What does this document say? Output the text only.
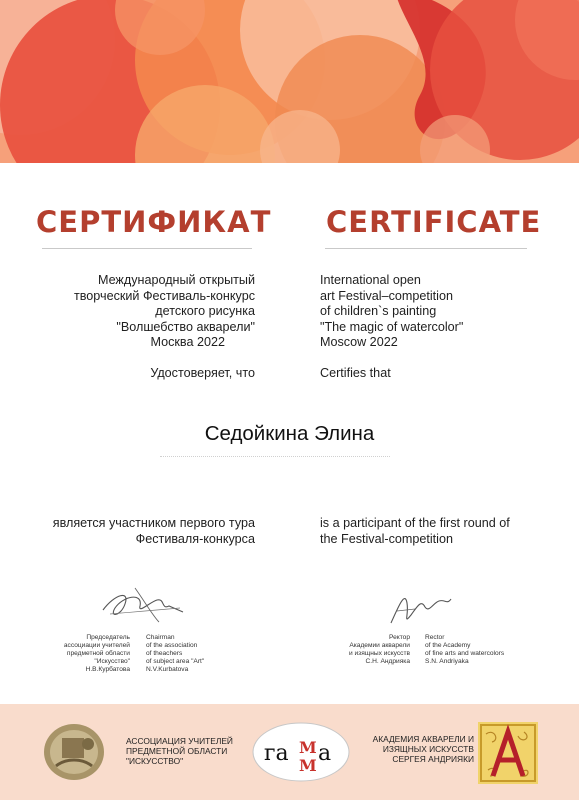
СЕРТИФИКАТ CERTIFICATE
Международный открытый
творческий Фестиваль-конкурс
детского рисунка
"Волшебство акварели"
Москва 2022
International open
art Festival–competition
of children`s painting
"The magic of watercolor"
Moscow 2022
Удостоверяет, что	Certifies that
Седойкина Элина
является участником первого тура
Фестиваля-конкурса
is a participant of the first round of
the Festival-competition
Председатель
ассоциации учителей
предметной области
"Искусство"
Н.В.Курбатова
Chairman
of the association
of theachers
of subject area "Art"
N.V.Kurbatova
Ректор
Академии акварели
и изящных искусств
С.Н. Андрияка
Rector
of the Academy
of fine arts and watercolors
S.N. Andriyaka
АССОЦИАЦИЯ УЧИТЕЛЕЙ
ПРЕДМЕТНОЙ ОБЛАСТИ
"ИСКУССТВО"	га М
М а
АКАДЕМИЯ АКВАРЕЛИ И
ИЗЯЩНЫХ ИСКУССТВ
СЕРГЕЯ АНДРИЯКИ
